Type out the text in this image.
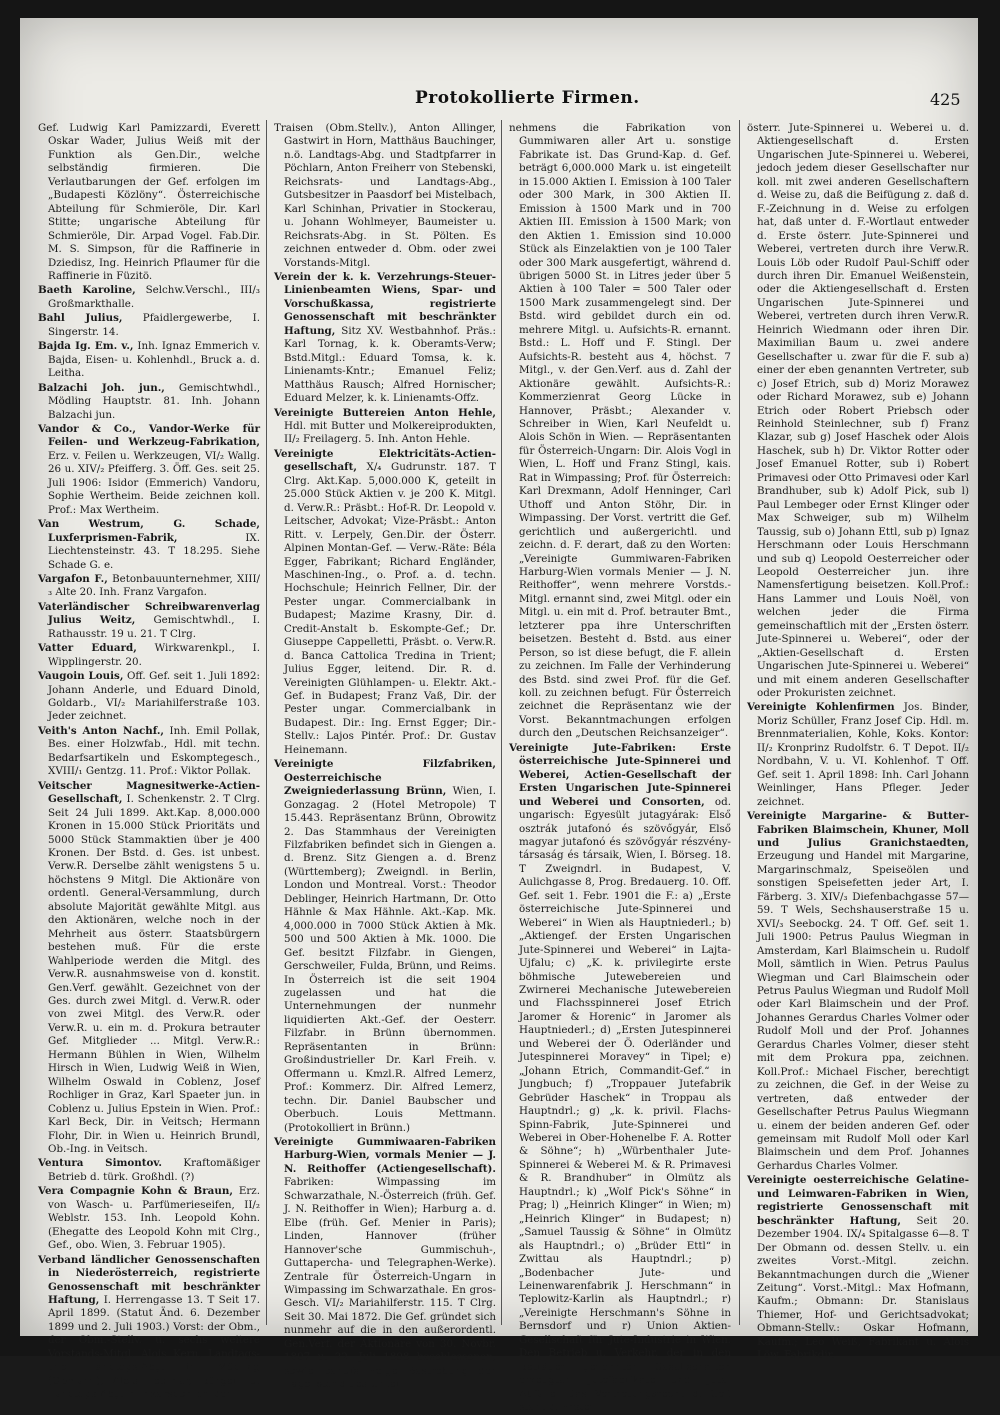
Protokollierte Firmen.	425
Gef. Ludwig Karl Pamizzardi, Everett Oskar Wader, Julius Weiß mit der Funktion als Gen.Dir., welche selbständig firmieren. Die Verlautbarungen der Gef. erfolgen im „Budapesti Közlöny“. Österreichische Abteilung für Schmieröle, Dir. Karl Stitte; ungarische Abteilung für Schmieröle, Dir. Arpad Vogel. Fab.Dir. M. S. Simpson, für die Raffinerie in Dziedisz, Ing. Heinrich Pflaumer für die Raffinerie in Füzitö.
Baeth Karoline, Selchw.Verschl., III/₃ Großmarkthalle.
Bahl Julius, Pfaidlergewerbe, I. Singerstr. 14.
Bajda Ig. Em. v., Inh. Ignaz Emmerich v. Bajda, Eisen- u. Kohlenhdl., Bruck a. d. Leitha.
Balzachi Joh. jun., Gemischtwhdl., Mödling Hauptstr. 81. Inh. Johann Balzachi jun.
Vandor & Co., Vandor-Werke für Feilen- und Werkzeug-Fabrikation, Erz. v. Feilen u. Werkzeugen, VI/₂ Wallg. 26 u. XIV/₂ Pfeifferg. 3. Öff. Ges. seit 25. Juli 1906: Isidor (Emmerich) Vandoru, Sophie Wertheim. Beide zeichnen koll. Prof.: Max Wertheim.
Van Westrum, G. Schade, Luxferprismen-Fabrik,	IX. Liechtensteinstr. 43. T 18.295. Siehe Schade G. e.
Vargafon F., Betonbauunternehmer, XIII/₃ Alte 20. Inh. Franz Vargafon.
Vaterländischer Schreibwarenverlag Julius Weitz, Gemischtwhdl., I. Rathausstr. 19 u. 21. T Clrg.
Vatter Eduard, Wirkwarenkpl., I. Wipplingerstr. 20.
Vaugoin Louis, Off. Gef. seit 1. Juli 1892: Johann Anderle, und Eduard Dinold, Goldarb., VI/₂ Mariahilferstraße 103. Jeder zeichnet.
Veith's Anton Nachf., Inh. Emil Pollak, Bes. einer Holzwfab., Hdl. mit techn. Bedarfsartikeln und Eskomptegesch., XVIII/₁ Gentzg. 11. Prof.: Viktor Pollak.
Veitscher Magnesitwerke-Actien-Gesellschaft, I. Schenkenstr. 2. T Clrg. Seit 24 Juli 1899. Akt.Kap. 8,000.000 Kronen in 15.000 Stück Prioritäts und 5000 Stück Stammaktien über je 400 Kronen. Der Bstd. d. Ges. ist unbest. Verw.R. Derselbe zählt wenigstens 5 u. höchstens 9 Mitgl. Die Aktionäre von ordentl. General-Versammlung, durch absolute Majorität gewählte Mitgl. aus den Aktionären, welche noch in der Mehrheit aus österr. Staatsbürgern bestehen muß. Für die erste Wahlperiode werden die Mitgl. des Verw.R. ausnahmsweise von d. konstit. Gen.Verf. gewählt. Gezeichnet von der Ges. durch zwei Mitgl. d. Verw.R. oder von zwei Mitgl. des Verw.R. oder Verw.R. u. ein m. d. Prokura betrauter Gef. Mitglieder ... Mitgl. Verw.R.: Hermann Bühlen in Wien, Wilhelm Hirsch in Wien, Ludwig Weiß in Wien, Wilhelm Oswald in Coblenz, Josef Rochliger in Graz, Karl Spaeter jun. in Coblenz u. Julius Epstein in Wien. Prof.: Karl Beck, Dir. in Veitsch; Hermann Flohr, Dir. in Wien u. Heinrich Brundl, Ob.-Ing. in Veitsch.
Ventura Simontov. Kraftomäßiger Betrieb d. türk. Großhdl. (?)
Vera Compagnie Kohn & Braun, Erz. von Wasch- u. Parfümerieseifen, II/₂ Weblstr. 153. Inh. Leopold Kohn. (Ehegatte des Leopold Kohn mit Clrg., Gef., obo. Wien, 3. Februar 1905).
Verband ländlicher Genossenschaften in Niederösterreich, registrierte Genossenschaft mit beschränkter Haftung, I. Herrengasse 13. T Seit 17. April 1899. (Statut Änd. 6. Dezember 1899 und 2. Juli 1903.) Vorst: der Obm., der Obm.-Stellv. u. sechs weitere Vorstands-Mitgl. Alois Kern, Landtags- und Landtags-Abg. in Mödling (Obmann), Alois Lechner, Bürger- u. Landtags-Abg. in Inzersdorf an der
Traisen (Obm.Stellv.), Anton Allinger, Gastwirt in Horn, Matthäus Bauchinger, n.ö. Landtags-Abg. und Stadtpfarrer in Pöchlarn, Anton Freiherr von Stebenski, Reichsrats- und Landtags-Abg., Gutsbesitzer in Paasdorf bei Mistelbach, Karl Schinhan, Privatier in Stockerau, u. Johann Wohlmeyer, Baumeister u. Reichsrats-Abg. in St. Pölten. Es zeichnen entweder d. Obm. oder zwei Vorstands-Mitgl.
Verein der k. k. Verzehrungs-Steuer-Linienbeamten Wiens, Spar- und Vorschußkassa, registrierte Genossenschaft mit beschränkter Haftung, Sitz XV. Westbahnhof. Präs.: Karl Tornag, k. k. Oberamts-Verw; Bstd.Mitgl.: Eduard Tomsa, k. k. Linienamts-Kntr.; Emanuel Feliz; Matthäus Rausch; Alfred Hornischer; Eduard Melzer, k. k. Linienamts-Offz.
Vereinigte Buttereien Anton Hehle, Hdl. mit Butter und Molkereiprodukten, II/₂ Freilagerg. 5. Inh. Anton Hehle.
Vereinigte Elektricitäts-Actien-gesellschaft, X/₄ Gudrunstr. 187. T Clrg. Akt.Kap. 5,000.000 K, geteilt in 25.000 Stück Aktien v. je 200 K. Mitgl. d. Verw.R.: Präsbt.: Hof-R. Dr. Leopold v. Leitscher, Advokat; Vize-Präsbt.: Anton Ritt. v. Lerpely, Gen.Dir. der Österr. Alpinen Montan-Gef. — Verw.-Räte: Béla Egger, Fabrikant; Richard Engländer, Maschinen-Ing., o. Prof. a. d. techn. Hochschule; Heinrich Fellner, Dir. der Pester ungar. Commercialbank in Budapest; Mazime Krasny, Dir. d. Credit-Anstalt b. Eskompte-Gef.; Dr. Giuseppe Cappelletti, Präsbt. o. Verw.R. d. Banca Cattolica Tredina in Trient; Julius Egger, leitend. Dir. R. d. Vereinigten Glühlampen- u. Elektr. Akt.-Gef. in Budapest; Franz Vaß, Dir. der Pester ungar. Commercialbank in Budapest. Dir.: Ing. Ernst Egger; Dir.-Stellv.: Lajos Pintér. Prof.: Dr. Gustav Heinemann.
Vereinigte Filzfabriken, Oesterreichische Zweigniederlassung Brünn, Wien, I. Gonzagag. 2 (Hotel Metropole) T 15.443. Repräsentanz Brünn, Obrowitz 2. Das Stammhaus der Vereinigten Filzfabriken befindet sich in Giengen a. d. Brenz. Sitz Giengen a. d. Brenz (Württemberg); Zweigndl. in Berlin, London und Montreal. Vorst.: Theodor Deblinger, Heinrich Hartmann, Dr. Otto Hähnle & Max Hähnle. Akt.-Kap. Mk. 4,000.000 in 7000 Stück Aktien à Mk. 500 und 500 Aktien à Mk. 1000. Die Gef. besitzt Filzfabr. in Giengen, Gerschweiler, Fulda, Brünn, und Reims. In Österreich ist die seit 1904 zugelassen und hat die Unternehmungen der nunmehr liquidierten Akt.-Gef. der Oesterr. Filzfabr. in Brünn übernommen. Repräsentanten in Brünn: Großindustrieller Dr. Karl Freih. v. Offermann u. Kmzl.R. Alfred Lemerz, Prof.: Kommerz. Dir. Alfred Lemerz, techn. Dir. Daniel Baubscher und Oberbuch. Louis Mettmann. (Protokolliert in Brünn.)
Vereinigte Gummiwaaren-Fabriken Harburg-Wien, vormals Menier — J. N. Reithoffer (Actiengesellschaft). Fabriken: Wimpassing im Schwarzathale, N.-Österreich (früh. Gef. J. N. Reithoffer in Wien); Harburg a. d. Elbe (früh. Gef. Menier in Paris); Linden, Hannover (früher Hannover'sche Gummischuh-, Guttapercha- und Telegraphen-Werke). Zentrale für Österreich-Ungarn in Wimpassing im Schwarzathale. En gros-Gesch. VI/₂ Mariahilferstr. 115. T Clrg. Seit 30. Mai 1872. Die Gef. gründet sich nunmehr auf die in den außerordentl. Gen.Verf. der Aktionäre von 30. Novbr. 1897 u. 22. Juli 1898 beschlossenen, sowie behufs Folge Bestrebung der Eagel.stand des Unter-
nehmens die Fabrikation von Gummiwaren aller Art u. sonstige Fabrikate ist. Das Grund-Kap. d. Gef. beträgt 6,000.000 Mark u. ist eingeteilt in 15.000 Aktien I. Emission à 100 Taler oder 300 Mark, in 300 Aktien II. Emission à 1500 Mark und in 700 Aktien III. Emission à 1500 Mark; von den Aktien 1. Emission sind 10.000 Stück als Einzelaktien von je 100 Taler oder 300 Mark ausgefertigt, während d. übrigen 5000 St. in Litres jeder über 5 Aktien à 100 Taler = 500 Taler oder 1500 Mark zusammengelegt sind. Der Bstd. wird gebildet durch ein od. mehrere Mitgl. u. Aufsichts-R. ernannt. Bstd.: L. Hoff und F. Stingl. Der Aufsichts-R. besteht aus 4, höchst. 7 Mitgl., v. der Gen.Verf. aus d. Zahl der Aktionäre gewählt. Aufsichts-R.: Kommerzienrat Georg Lücke in Hannover, Präsbt.; Alexander v. Schreiber in Wien, Karl Neufeldt u. Alois Schön in Wien. — Repräsentanten für Österreich-Ungarn: Dir. Alois Vogl in Wien, L. Hoff und Franz Stingl, kais. Rat in Wimpassing; Prof. für Österreich: Karl Drexmann, Adolf Henninger, Carl Uthoff und Anton Stöhr, Dir. in Wimpassing. Der Vorst. vertritt die Gef. gerichtlich und außergerichtl. und zeichn. d. F. derart, daß zu den Worten: „Vereinigte Gummiwaren-Fabriken Harburg-Wien vormals Menier — J. N. Reithoffer“, wenn mehrere Vorstds.-Mitgl. ernannt sind, zwei Mitgl. oder ein Mitgl. u. ein mit d. Prof. betrauter Bmt., letzterer ppa ihre Unterschriften beisetzen. Besteht d. Bstd. aus einer Person, so ist diese befugt, die F. allein zu zeichnen. Im Falle der Verhinderung des Bstd. sind zwei Prof. für die Gef. koll. zu zeichnen befugt. Für Österreich zeichnet die Repräsentanz wie der Vorst. Bekanntmachungen erfolgen durch den „Deutschen Reichsanzeiger“.
Vereinigte Jute-Fabriken: Erste österreichische Jute-Spinnerei und Weberei, Actien-Gesellschaft der Ersten Ungarischen Jute-Spinnerei und Weberei und Consorten, od. ungarisch: Egyesült jutagyárak: Első osztrák jutafonó és szövőgyár, Első magyar jutafonó és szövőgyár részvény-társaság és társaik, Wien, I. Börseg. 18. T Zweigndrl. in Budapest, V. Aulichgasse 8, Prog. Bredauerg. 10. Off. Gef. seit 1. Febr. 1901 die F.: a) „Erste österreichische Jute-Spinnerei und Weberei“ in Wien als Hauptniederl.; b) „Aktiengef. der Ersten Ungarischen Jute-Spinnerei und Weberei“ in Lajta-Ujfalu; c) „K. k. privilegirte erste böhmische Jutewebereien und Zwirnerei Mechanische Jutewebereien und Flachsspinnerei Josef Etrich Jaromer & Horenic“ in Jaromer als Hauptniederl.; d) „Ersten Jutespinnerei und Weberei der Ö. Oderländer und Jutespinnerei Moravey“ in Tipel; e) „Johann Etrich, Commandit-Gef.“ in Jungbuch; f) „Troppauer Jutefabrik Gebrüder Haschek“ in Troppau als Hauptndrl.; g) „k. k. privil. Flachs-Spinn-Fabrik, Jute-Spinnerei und Weberei in Ober-Hohenelbe F. A. Rotter & Söhne“; h) „Würbenthaler Jute-Spinnerei & Weberei M. & R. Primavesi & R. Brandhuber“ in Olmütz als Hauptndrl.; k) „Wolf Pick's Söhne“ in Prag; l) „Heinrich Klinger“ in Wien; m) „Heinrich Klinger“ in Budapest; n) „Samuel Taussig & Söhne“ in Olmütz als Hauptndrl.; o) „Brüder Ettl“ in Zwittau als Hauptndrl.; p) „Bodenbacher Jute- und Leinenwarenfabrik J. Herschmann“ in Teplowitz-Karlin als Hauptndrl.; r) „Vereinigte Herschmann's Söhne in Bernsdorf und r) Union Aktien-Gesellschaft für Jute-Industrie in Wien. Den Betrieb u. Verkehr. der in den Beträgen genannten Gesellschaften erzeugten Jutefabrikate und Jute-Abfälle. Das Vertretungsrecht d. Gef. steht d. Ersten
österr. Jute-Spinnerei u. Weberei u. d. Aktiengesellschaft d. Ersten Ungarischen Jute-Spinnerei u. Weberei, jedoch jedem dieser Gesellschafter nur koll. mit zwei anderen Gesellschaftern d. Weise zu, daß die Beifügung z. daß d. F.-Zeichnung in d. Weise zu erfolgen hat, daß unter d. F.-Wortlaut entweder d. Erste österr. Jute-Spinnerei und Weberei, vertreten durch ihre Verw.R. Louis Löb oder Rudolf Paul-Schiff oder durch ihren Dir. Emanuel Weißenstein, oder die Aktiengesellschaft d. Ersten Ungarischen Jute-Spinnerei und Weberei, vertreten durch ihren Verw.R. Heinrich Wiedmann oder ihren Dir. Maximilian Baum u. zwei andere Gesellschafter u. zwar für die F. sub a) einer der eben genannten Vertreter, sub c) Josef Etrich, sub d) Moriz Morawez oder Richard Morawez, sub e) Johann Etrich oder Robert Priebsch oder Reinhold Steinlechner, sub f) Franz Klazar, sub g) Josef Haschek oder Alois Haschek, sub h) Dr. Viktor Rotter oder Josef Emanuel Rotter, sub i) Robert Primavesi oder Otto Primavesi oder Karl Brandhuber, sub k) Adolf Pick, sub l) Paul Lembeger oder Ernst Klinger oder Max Schweiger, sub m) Wilhelm Taussig, sub o) Johann Ettl, sub p) Ignaz Herschmann oder Louis Herschmann und sub q) Leopold Oesterreicher oder Leopold Oesterreicher jun. ihre Namensfertigung beisetzen. Koll.Prof.: Hans Lammer und Louis Noël, von welchen jeder die Firma gemeinschaftlich mit der „Ersten österr. Jute-Spinnerei u. Weberei“, oder der „Aktien-Gesellschaft d. Ersten Ungarischen Jute-Spinnerei u. Weberei“ und mit einem anderen Gesellschafter oder Prokuristen zeichnet.
Vereinigte Kohlenfirmen Jos. Binder, Moriz Schüller, Franz Josef Cip. Hdl. m. Brennmaterialien, Kohle, Koks. Kontor: II/₂ Kronprinz Rudolfstr. 6. T Depot. II/₂ Nordbahn, V. u. VI. Kohlenhof. T Off. Gef. seit 1. April 1898: Inh. Carl Johann Weinlinger, Hans Pfleger. Jeder zeichnet.
Vereinigte Margarine- & Butter-Fabriken Blaimschein, Khuner, Moll und Julius Granichstaedten, Erzeugung und Handel mit Margarine, Margarinschmalz, Speiseölen und sonstigen Speisefetten jeder Art, I. Färberg. 3. XIV/₃ Diefenbachgasse 57—59. T Wels, Sechshauserstraße 15 u. XVI/₃ Seebockg. 24. T Off. Gef. seit 1. Juli 1900: Petrus Paulus Wiegman in Amsterdam, Karl Blaimschein u. Rudolf Moll, sämtlich in Wien. Petrus Paulus Wiegman und Carl Blaimschein oder Petrus Paulus Wiegman und Rudolf Moll oder Karl Blaimschein und der Prof. Johannes Gerardus Charles Volmer oder Rudolf Moll und der Prof. Johannes Gerardus Charles Volmer, dieser steht mit dem Prokura ppa, zeichnen. Koll.Prof.: Michael Fischer, berechtigt zu zeichnen, die Gef. in der Weise zu vertreten, daß entweder der Gesellschafter Petrus Paulus Wiegmann u. einem der beiden anderen Gef. oder gemeinsam mit Rudolf Moll oder Karl Blaimschein und dem Prof. Johannes Gerhardus Charles Volmer.
Vereinigte oesterreichische Gelatine- und Leimwaren-Fabriken in Wien, registrierte Genossenschaft mit beschränkter Haftung, Seit 20. Dezember 1904. IX/₄ Spitalgasse 6—8. T Der Obmann od. dessen Stellv. u. ein zweites Vorst.-Mitgl. zeichn. Bekanntmachungen durch die „Wiener Zeitung“. Vorst.-Mitgl.: Max Hofmann, Kaufm.; Obmann: Dr. Stanislaus Thiemer, Hof- und Gerichtsadvokat; Obmann-Stellv.: Oskar Hofmann, Kaufm.; Leo Weiß, Fabrikant u. Alois Löw, Fabrikdir.
